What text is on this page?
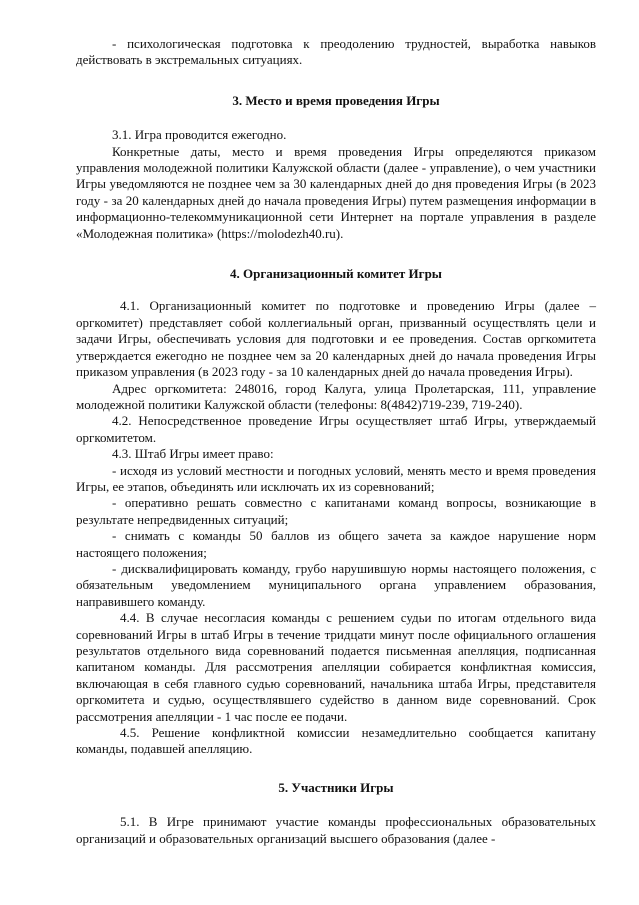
- психологическая подготовка к преодолению трудностей, выработка навыков действовать в экстремальных ситуациях.

3. Место и время проведения Игры

3.1. Игра проводится ежегодно.

Конкретные даты, место и время проведения Игры определяются приказом управления молодежной политики Калужской области (далее - управление), о чем участники Игры уведомляются не позднее чем за 30 календарных дней до дня проведения Игры (в 2023 году - за 20 календарных дней до начала проведения Игры) путем размещения информации в информационно-телекоммуникационной сети Интернет на портале управления в разделе «Молодежная политика» (https://molodezh40.ru).

4. Организационный комитет Игры

4.1. Организационный комитет по подготовке и проведению Игры (далее – оргкомитет) представляет собой коллегиальный орган, призванный осуществлять цели и задачи Игры, обеспечивать условия для подготовки и ее проведения. Состав оргкомитета утверждается ежегодно не позднее чем за 20 календарных дней до начала проведения Игры приказом управления (в 2023 году - за 10 календарных дней до начала проведения Игры).

Адрес оргкомитета: 248016, город Калуга, улица Пролетарская, 111, управление молодежной политики Калужской области (телефоны: 8(4842)719-239, 719-240).

4.2. Непосредственное проведение Игры осуществляет штаб Игры, утверждаемый оргкомитетом.

4.3. Штаб Игры имеет право:

- исходя из условий местности и погодных условий, менять место и время проведения Игры, ее этапов, объединять или исключать их из соревнований;

- оперативно решать совместно с капитанами команд вопросы, возникающие в результате непредвиденных ситуаций;

- снимать с команды 50 баллов из общего зачета за каждое нарушение норм настоящего положения;

- дисквалифицировать команду, грубо нарушившую нормы настоящего положения, с обязательным уведомлением муниципального органа управлением образования, направившего команду.

4.4. В случае несогласия команды с решением судьи по итогам отдельного вида соревнований Игры в штаб Игры в течение тридцати минут после официального оглашения результатов отдельного вида соревнований подается письменная апелляция, подписанная капитаном команды. Для рассмотрения апелляции собирается конфликтная комиссия, включающая в себя главного судью соревнований, начальника штаба Игры, представителя оргкомитета и судью, осуществлявшего судейство в данном виде соревнований. Срок рассмотрения апелляции - 1 час после ее подачи.

4.5. Решение конфликтной комиссии незамедлительно сообщается капитану команды, подавшей апелляцию.

5. Участники Игры

5.1. В Игре принимают участие команды профессиональных образовательных организаций и образовательных организаций высшего образования (далее -
